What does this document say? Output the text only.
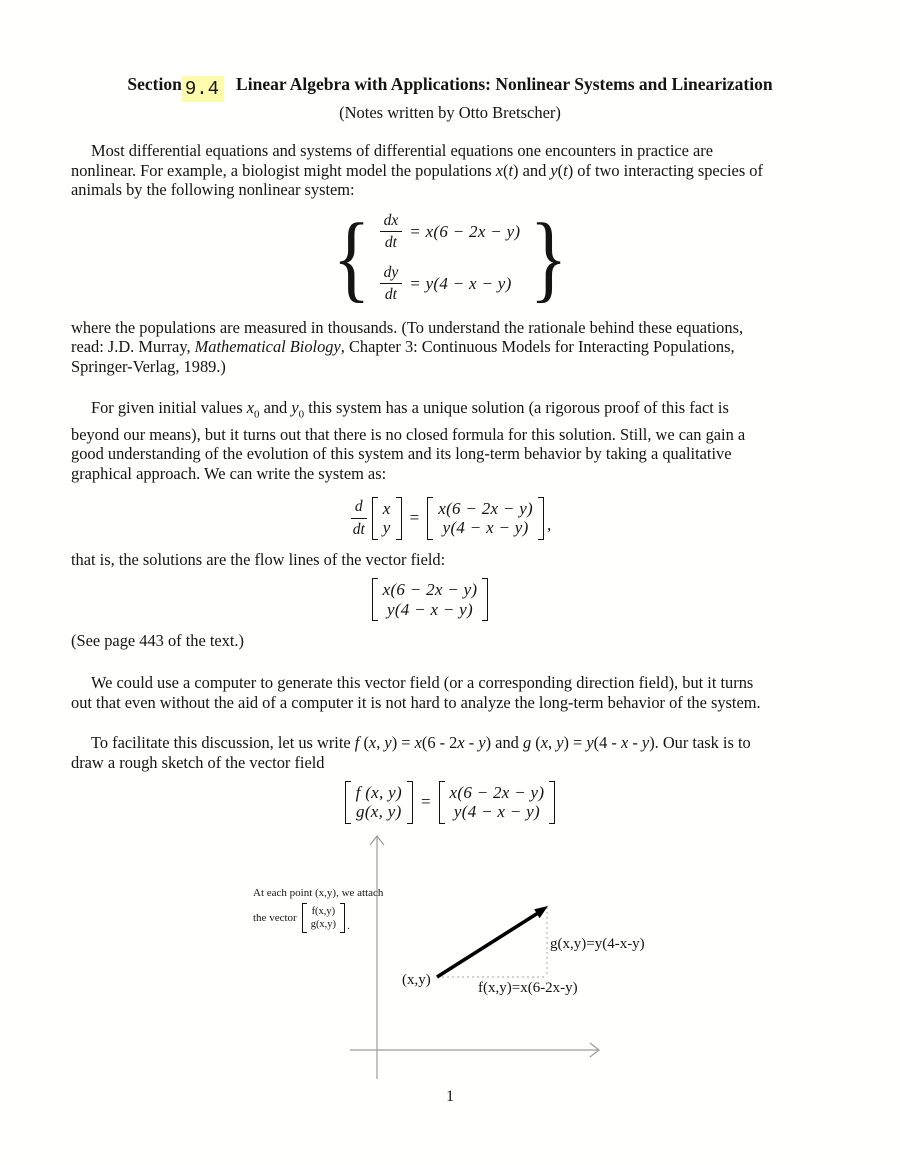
Section 9.4 Linear Algebra with Applications: Nonlinear Systems and Linearization
(Notes written by Otto Bretscher)
Most differential equations and systems of differential equations one encounters in practice are
nonlinear. For example, a biologist might model the populations x(t) and y(t) of two interacting species of
animals by the following nonlinear system:
{ $\frac{dx}{dt} = x(6 - 2x - y)$
$\frac{dy}{dt} = y(4 - x - y)$ }
where the populations are measured in thousands. (To understand the rationale behind these equations,
read: J.D. Murray, Mathematical Biology, Chapter 3: Continuous Models for Interacting Populations,
Springer-Verlag, 1989.)
For given initial values $x_0$ and $y_0$ this system has a unique solution (a rigorous proof of this fact is
beyond our means), but it turns out that there is no closed formula for this solution. Still, we can gain a
good understanding of the evolution of this system and its long-term behavior by taking a qualitative
graphical approach. We can write the system as:
$\frac{d}{dt}$ x
y
= x(6 − 2x − y)
y(4 − x − y) ,
that is, the solutions are the flow lines of the vector field:
x(6 − 2x − y)
y(4 − x − y)
(See page 443 of the text.)
We could use a computer to generate this vector field (or a corresponding direction field), but it turns
out that even without the aid of a computer it is not hard to analyze the long-term behavior of the system.
To facilitate this discussion, let us write f (x, y) = x(6 - 2x - y) and g (x, y) = y(4 - x - y). Our task is to
draw a rough sketch of the vector field
f (x, y)
g(x, y)
= x(6 − 2x − y)
y(4 − x − y)
At each point (x,y), we attach
the vector
f(x,y)
g(x,y) .
(x,y)	f(x,y)=x(6-2x-y)
g(x,y)=y(4-x-y)
1
